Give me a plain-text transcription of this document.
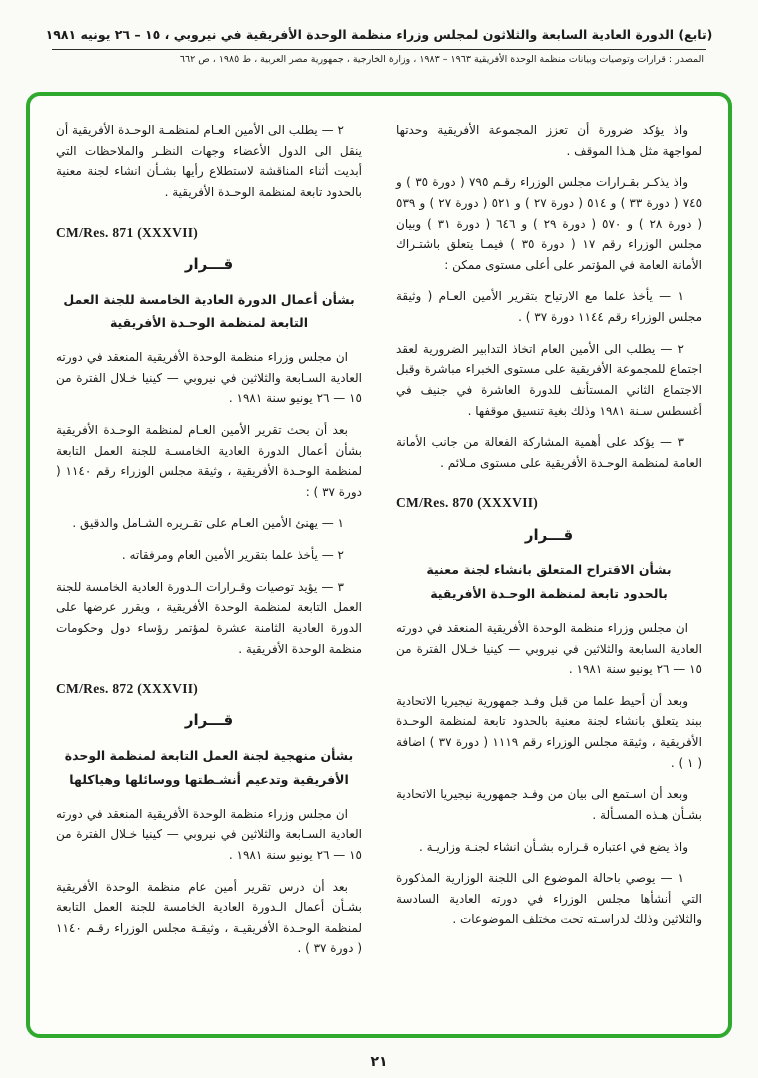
(تابع) الدورة العادية السابعة والثلاثون لمجلس وزراء منظمة الوحدة الأفريقية في نيروبي ، ١٥ – ٢٦ يونيه ١٩٨١
المصدر : قرارات وتوصيات وبيانات منظمة الوحدة الأفريقية ١٩٦٣ – ١٩٨٣ ، وزارة الخارجية ، جمهورية مصر العربية ، ط ١٩٨٥ ، ص ٦٦٢

واذ يؤكد ضرورة أن تعزز المجموعة الأفريقية وحدتها لمواجهة مثل هـذا الموقف .

واذ يذكـر بقـرارات مجلس الوزراء رقـم ٧٩٥ ( دورة ٣٥ ) و ٧٤٥ ( دورة ٣٣ ) و ٥١٤ ( دورة ٢٧ ) و ٥٢١ ( دورة ٢٧ ) و ٥٣٩ ( دورة ٢٨ ) و ٥٧٠ ( دورة ٢٩ ) و ٦٤٦ ( دورة ٣١ ) وبيان مجلس الوزراء رقم ١٧ ( دورة ٣٥ ) فيمـا يتعلق باشتـراك الأمانة العامة في المؤتمر على أعلى مستوى ممكن :

١ — يأخذ علما مع الارتياح بتقرير الأمين العـام ( وثيقة مجلس الوزراء رقم ١١٤٤ دورة ٣٧ ) .

٢ — يطلب الى الأمين العام اتخاذ التدابير الضرورية لعقد اجتماع للمجموعة الأفريقية على مستوى الخبراء مباشرة وقبل الاجتماع الثاني المستأنف للدورة العاشرة في جنيف في أغسطس سـنة ١٩٨١ وذلك بغية تنسيق موقفها .

٣ — يؤكد على أهمية المشاركة الفعالة من جانب الأمانة العامة لمنظمة الوحـدة الأفريقية على مستوى مـلائم .

CM/Res. 870 (XXXVII)
قـــرار
بشأن الاقتراح المتعلق بانشاء لجنة معنية بالحدود تابعة لمنظمة الوحـدة الأفريقية

ان مجلس وزراء منظمة الوحدة الأفريقية المنعقد في دورته العادية السابعة والثلاثين في نيروبي — كينيا خـلال الفترة من ١٥ — ٢٦ يونيو سنة ١٩٨١ .

وبعد أن أحيط علما من قبل وفـد جمهورية نيجيريا الاتحادية ببند يتعلق بانشاء لجنة معنية بالحدود تابعة لمنظمة الوحـدة الأفريقية ، وثيقة مجلس الوزراء رقم ١١١٩ ( دورة ٣٧ ) اضافة ( ١ ) .

وبعد أن اسـتمع الى بيان من وفـد جمهورية نيجيريا الاتحادية بشـأن هـذه المسـألة .

واذ يضع في اعتباره قـراره بشـأن انشاء لجنـة وزاريـة .

١ — يوصي باحالة الموضوع الى اللجنة الوزارية المذكورة التي أنشأها مجلس الوزراء في دورته العادية السادسة والثلاثين وذلك لدراسـته تحت مختلف الموضوعات .

٢ — يطلب الى الأمين العـام لمنظمـة الوحـدة الأفريقية أن ينقل الى الدول الأعضاء وجهات النظـر والملاحظات التي أبديت أثناء المناقشة لاستطلاع رأيها بشـأن انشاء لجنة معنية بالحدود تابعة لمنظمة الوحـدة الأفريقية .

CM/Res. 871 (XXXVII)
قـــرار
بشأن أعمال الدورة العادية الخامسة للجنة العمل التابعة لمنظمة الوحـدة الأفريقية

ان مجلس وزراء منظمة الوحدة الأفريقية المنعقد في دورته العادية السـابعة والثلاثين في نيروبي — كينيا خـلال الفترة من ١٥ — ٢٦ يونيو سنة ١٩٨١ .

بعد أن بحث تقرير الأمين العـام لمنظمة الوحـدة الأفريقية بشأن أعمال الدورة العادية الخامسـة للجنة العمل التابعة لمنظمة الوحـدة الأفريقية ، وثيقة مجلس الوزراء رقم ١١٤٠ ( دورة ٣٧ ) :

١ — يهنئ الأمين العـام على تقـريره الشـامل والدقيق .

٢ — يأخذ علما بتقرير الأمين العام ومرفقاته .

٣ — يؤيد توصيات وقـرارات الـدورة العادية الخامسة للجنة العمل التابعة لمنظمة الوحدة الأفريقية ، ويقرر عرضها على الدورة العادية الثامنة عشرة لمؤتمر رؤساء دول وحكومات منظمة الوحدة الأفريقية .

CM/Res. 872 (XXXVII)
قـــرار
بشأن منهجية لجنة العمل التابعة لمنظمة الوحدة الأفريقية وتدعيم أنشـطتها ووسائلها وهياكلها

ان مجلس وزراء منظمة الوحدة الأفريقية المنعقد في دورته العادية السـابعة والثلاثين في نيروبي — كينيا خـلال الفترة من ١٥ — ٢٦ يونيو سنة ١٩٨١ .

بعد أن درس تقرير أمين عام منظمة الوحدة الأفريقية بشـأن أعمال الـدورة العادية الخامسة للجنة العمل التابعة لمنظمة الوحـدة الأفريقيـة ، وثيقـة مجلس الوزراء رقـم ١١٤٠ ( دورة ٣٧ ) .

٢١
